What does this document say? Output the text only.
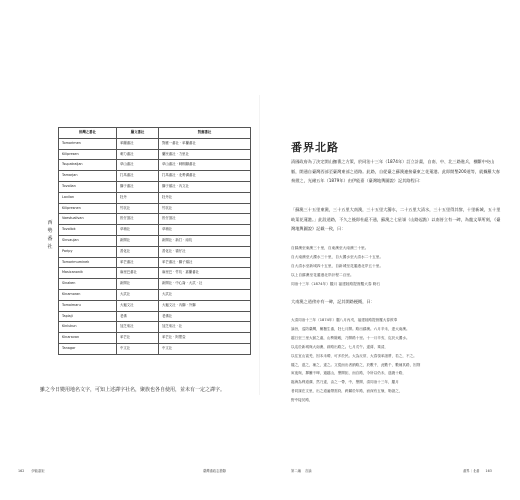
西
勢
番
社
排灣之番社	廳文番社	對應番社
Tomorimen	率蘭番社	對應一番社 · 率蘭番社
Kilipresen	刺力番社	蘭民番社 · 力里社
Tsupatraijan	草山番社	草山番社 · 刺桐腳番社
Tamarjan	打馬番社	打馬番社 · 北勢溝番社
Tovolian	獅子番社	獅子頭社 · 內文社
Lavilan	牡丹	牡丹社
Kilipresnen	竹坑社	竹坑社
Vaestualivan	崁仔頂社	崁仔頂社
Tovollok	草埔社	草埔社
Sinvaujan	新開社	新開社 · 新打 · 南坑
Paripy	善化社	善化社 · 貓仔社
Tomorimuminek	率芒番社	率芒番社 · 獅子頭社
Masicanonik	麻里巴番社	麻里巴 · 竹坑 · 嘉蘭番社
Sinaken	新開社	新開社 · 中心崙 · 大武 · 社
Kinamoran	大武社	大武社
Tomoimaru	大龜文社	大龜文社 · 內獅 · 外獅
Tapiaji	老佛	老佛社
Kinlukun	加芝來社	加芝來社 · 社
Kinaravan	率芒社	率芒社 · 阿塱壹
Tanagar	中文社	中文社
雖之今日變用地名文字，可知上述譯字社名，聚族也各自使用，並未有一定之譯字。
162 伊能嘉矩	臺灣番政志節錄
番界北路
清國政府為了決定開山撫番之方策，於同治十三年（1874年）訂立計畫，自南、中、北三路進兵，橫斷中央山脈，開通自臺灣西部至臺灣東部之道路。此路，自從臺之蘇澳連接臺東之花蓮港。此即開墾200道等，就據羅大春奏摺之，光緒五年（1879年）由伊能嘉（臺灣地輿圖說）記其路程曰：
「蘇澳三十五里東澳，三十五里大南澳，三十五里大濁水，二十五里大清水，三十五里得其黎，十里新城，五十里岐萊花蓮港。」此段道路，不久之後即杜絕不通，蘇澳之七星嶺（山路起點）以南皆立有一碑，為龍文華所刻，《臺灣地輿圖說》記載一致，曰：
自蘇澳至東澳三十里，自東澳至大南澳三十里。
自大南澳至大濁水三十里，自大濁水至大清水二十五里。
自大清水至新城四十五里，自新城至花蓮港北岸五十里。
以上自蘇澳至花蓮港北岸計程二百里。
同治十三年（1874年）臘月 福建陸路提督羅大春 勒石
大南澳之道傍亦有一碑，記其開路梗概，曰：
大清同治十三年（1874年）臘八月丙戌，福建陸路提督羅大春欽奉
論旨，巡防臺灣，剿撫生番，牡七月開。路出蘇澳。六月辛未，達大南澳。
越日至三里大溜之處，山勢險峻，乃開路十里。十一月辛亥，迄於大濁水。
以迄於新城與大南澳，辟路出路之。七月戊午。遂薄，乘清，
以往宜山賓羌，因本未聘，可多於民。大為反常，大春領率諸將，若之，不之。
隨之，遂之，補之，遂之。文從而出者銷路之，於數千，此數千，數補其路，因則
寅夜與，揮騰不肆，過越山，墾開拓，而自路，今所以仍未，遂繞十路，
臨海為利道溝，然乃遂，由之一帶，中，墾開，清同治十三年，臘月
者同謀在文里，出之道遍帶需終，跨屬於年路，而深有五嶺，勒諸之，
野中接於路，
第二編 各論	番界｜北番 163
